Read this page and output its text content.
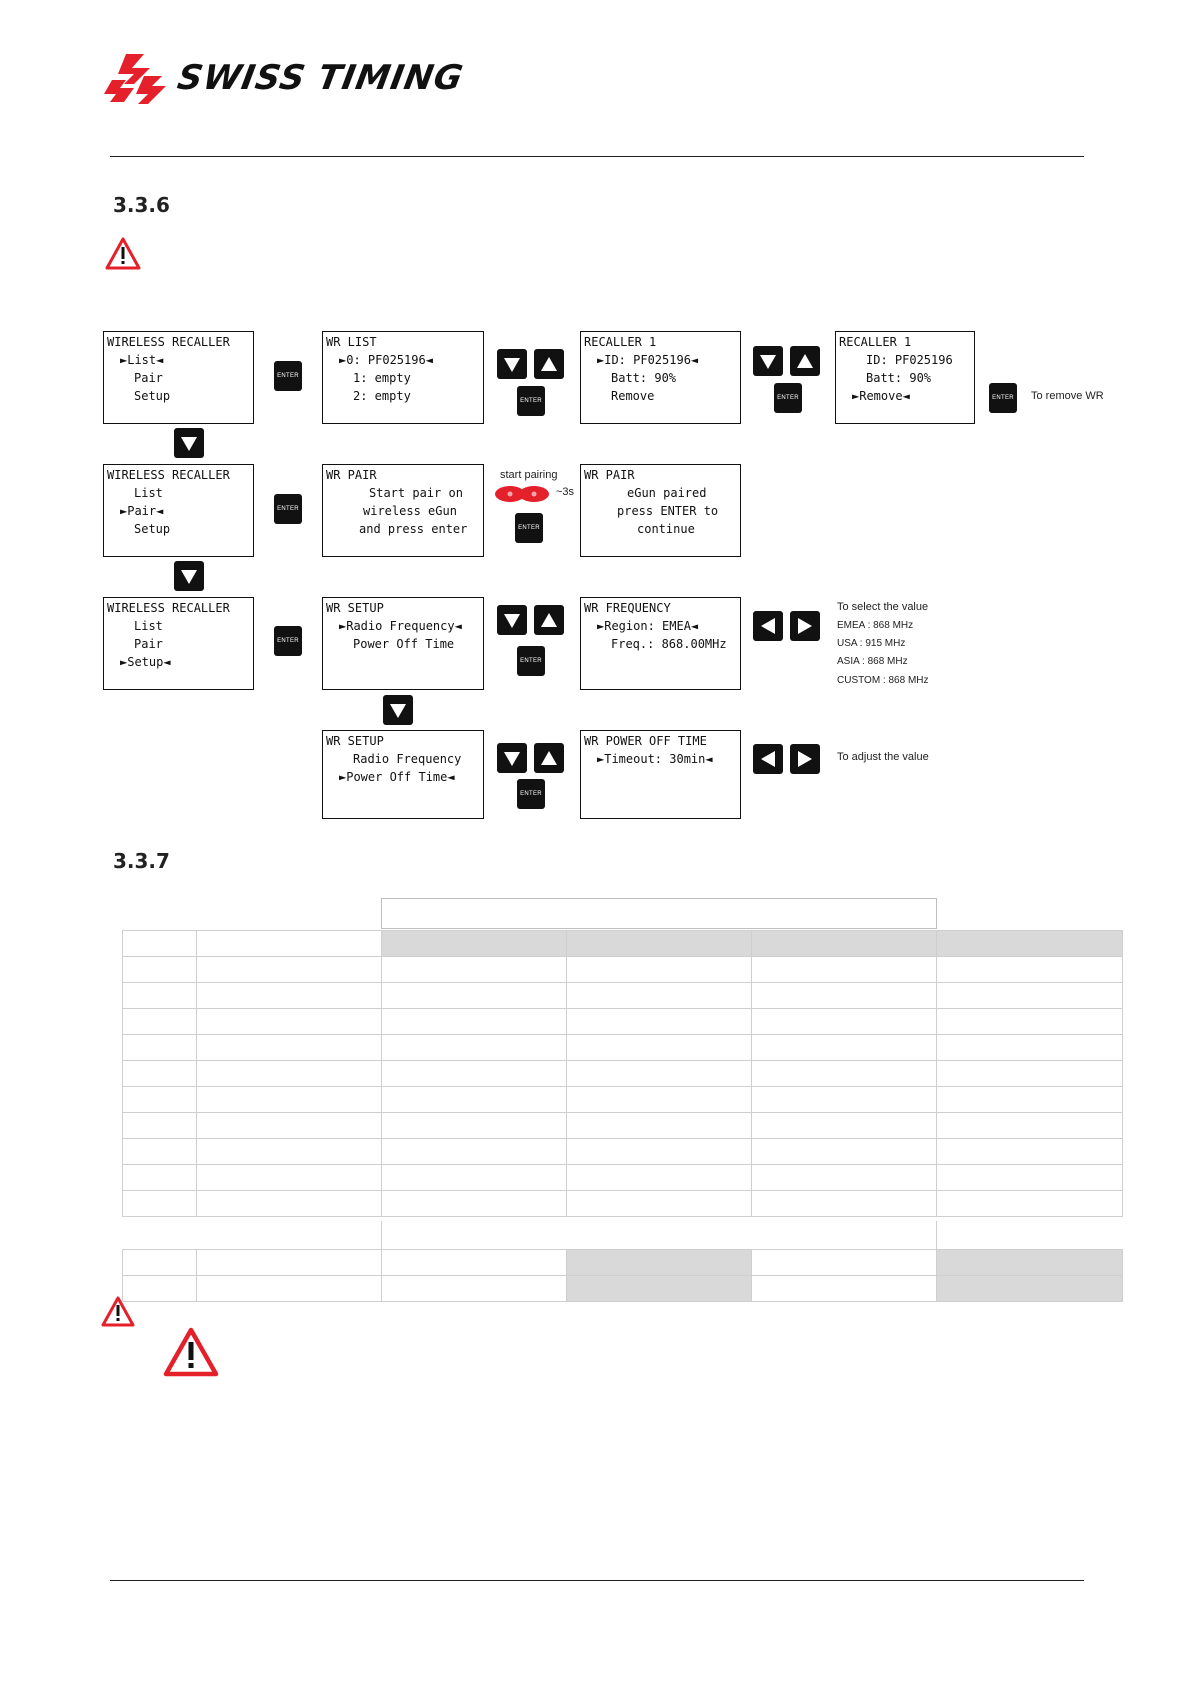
SWISS TIMING
3.3.6
WIRELESS RECALLER
►List◄
Pair
Setup
ENTER
WR LIST
►0: PF025196◄
1: empty
2: empty	ENTER
RECALLER 1
►ID: PF025196◄
Batt: 90%
Remove	ENTER
RECALLER 1
ID: PF025196
Batt: 90%
►Remove◄	ENTER To remove WR
WIRELESS RECALLER
List
►Pair◄
Setup
ENTER
WR PAIR
Start pair on
wireless eGun
and press enter
start pairing
~3s
ENTER
WR PAIR
eGun paired
press ENTER to
continue
WIRELESS RECALLER
List
Pair
►Setup◄
ENTER
WR SETUP
►Radio Frequency◄
Power Off Time
ENTER
WR FREQUENCY
►Region: EMEA◄
Freq.: 868.00MHz
To select the value
EMEA : 868 MHz
USA : 915 MHz
ASIA : 868 MHz
CUSTOM : 868 MHz
WR SETUP
Radio Frequency
►Power Off Time◄
ENTER
WR POWER OFF TIME
►Timeout: 30min◄	To adjust the value
3.3.7
